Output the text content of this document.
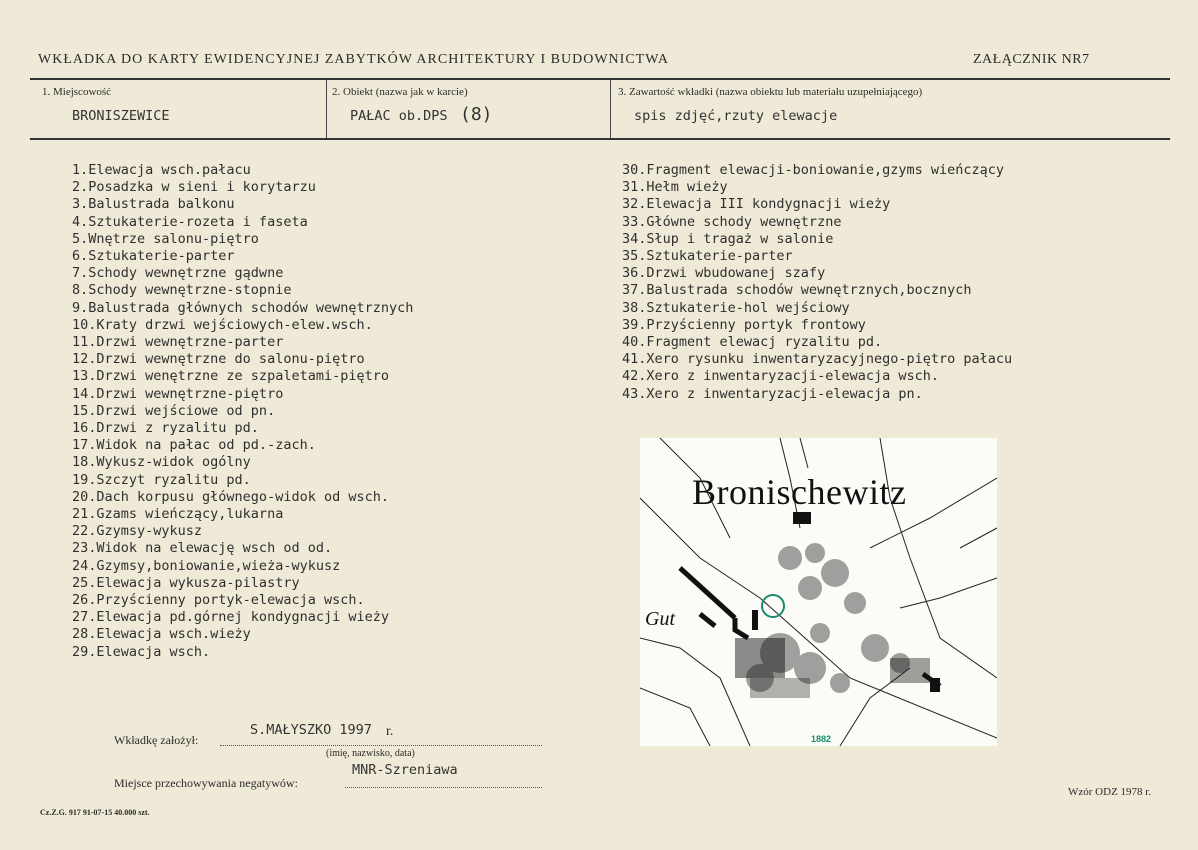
WKŁADKA DO KARTY EWIDENCYJNEJ ZABYTKÓW ARCHITEKTURY I BUDOWNICTWA	ZAŁĄCZNIK NR7
1. Miejscowość
BRONISZEWICE
2. Obiekt (nazwa jak w karcie)
PAŁAC ob.DPS (8)
3. Zawartość wkładki (nazwa obiektu lub materiału uzupełniającego)
spis zdjęć,rzuty elewacje
1.Elewacja wsch.pałacu
2.Posadzka w sieni i korytarzu
3.Balustrada balkonu
4.Sztukaterie-rozeta i faseta
5.Wnętrze salonu-piętro
6.Sztukaterie-parter
7.Schody wewnętrzne gądwne
8.Schody wewnętrzne-stopnie
9.Balustrada głównych schodów wewnętrznych
10.Kraty drzwi wejściowych-elew.wsch.
11.Drzwi wewnętrzne-parter
12.Drzwi wewnętrzne do salonu-piętro
13.Drzwi wenętrzne ze szpaletami-piętro
14.Drzwi wewnętrzne-piętro
15.Drzwi wejściowe od pn.
16.Drzwi z ryzalitu pd.
17.Widok na pałac od pd.-zach.
18.Wykusz-widok ogólny
19.Szczyt ryzalitu pd.
20.Dach korpusu głównego-widok od wsch.
21.Gzams wieńczący,lukarna
22.Gzymsy-wykusz
23.Widok na elewację wsch od od.
24.Gzymsy,boniowanie,wieża-wykusz
25.Elewacja wykusza-pilastry
26.Przyścienny portyk-elewacja wsch.
27.Elewacja pd.górnej kondygnacji wieży
28.Elewacja wsch.wieży
29.Elewacja wsch.
30.Fragment elewacji-boniowanie,gzyms wieńczący
31.Hełm wieży
32.Elewacja III kondygnacji wieży
33.Główne schody wewnętrzne
34.Słup i tragaż w salonie
35.Sztukaterie-parter
36.Drzwi wbudowanej szafy
37.Balustrada schodów wewnętrznych,bocznych
38.Sztukaterie-hol wejściowy
39.Przyścienny portyk frontowy
40.Fragment elewacj ryzalitu pd.
41.Xero rysunku inwentaryzacyjnego-piętro pałacu
42.Xero z inwentaryzacji-elewacja wsch.
43.Xero z inwentaryzacji-elewacja pn.
Bronischewitz
Gut
1882
Wkładkę założył:
S.MAŁYSZKO 1997 r.
(imię, nazwisko, data)
Miejsce przechowywania negatywów:
MNR-Szreniawa
Cz.Z.G. 917 91-07-15 40.000 szt.
Wzór ODZ 1978 r.
